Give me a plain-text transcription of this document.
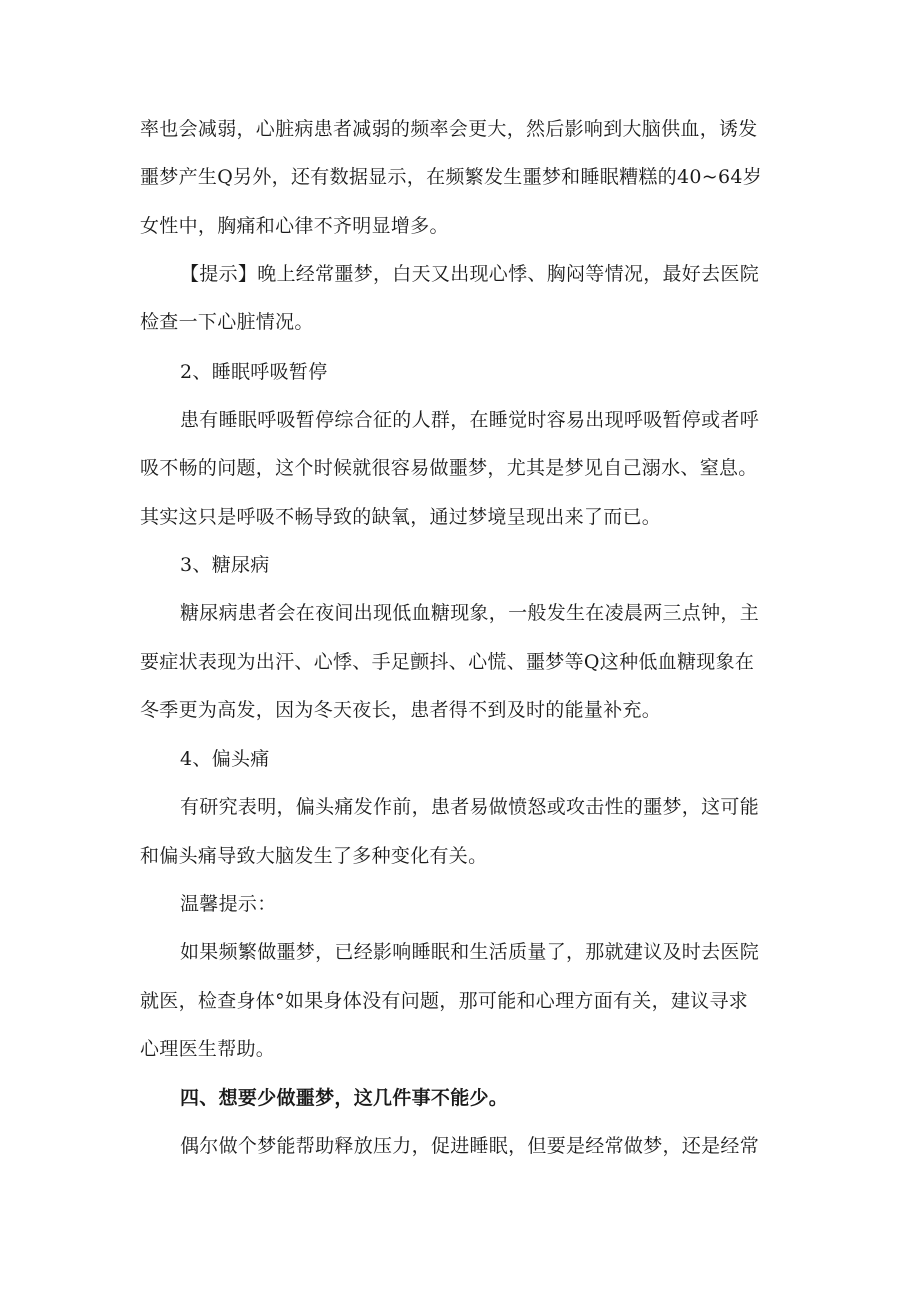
率也会减弱，心脏病患者减弱的频率会更大，然后影响到大脑供血，诱发
噩梦产生Q另外，还有数据显示，在频繁发生噩梦和睡眠糟糕的40~64岁
女性中，胸痛和心律不齐明显增多。
【提示】晚上经常噩梦，白天又出现心悸、胸闷等情况，最好去医院
检查一下心脏情况。
2、睡眠呼吸暂停
患有睡眠呼吸暂停综合征的人群，在睡觉时容易出现呼吸暂停或者呼
吸不畅的问题，这个时候就很容易做噩梦，尤其是梦见自己溺水、窒息。
其实这只是呼吸不畅导致的缺氧，通过梦境呈现出来了而已。
3、糖尿病
糖尿病患者会在夜间出现低血糖现象，一般发生在凌晨两三点钟，主
要症状表现为出汗、心悸、手足颤抖、心慌、噩梦等Q这种低血糖现象在
冬季更为高发，因为冬天夜长，患者得不到及时的能量补充。
4、偏头痛
有研究表明，偏头痛发作前，患者易做愤怒或攻击性的噩梦，这可能
和偏头痛导致大脑发生了多种变化有关。
温馨提示：
如果频繁做噩梦，已经影响睡眠和生活质量了，那就建议及时去医院
就医，检查身体°如果身体没有问题，那可能和心理方面有关，建议寻求
心理医生帮助。
四、想要少做噩梦，这几件事不能少。
偶尔做个梦能帮助释放压力，促进睡眠，但要是经常做梦，还是经常
